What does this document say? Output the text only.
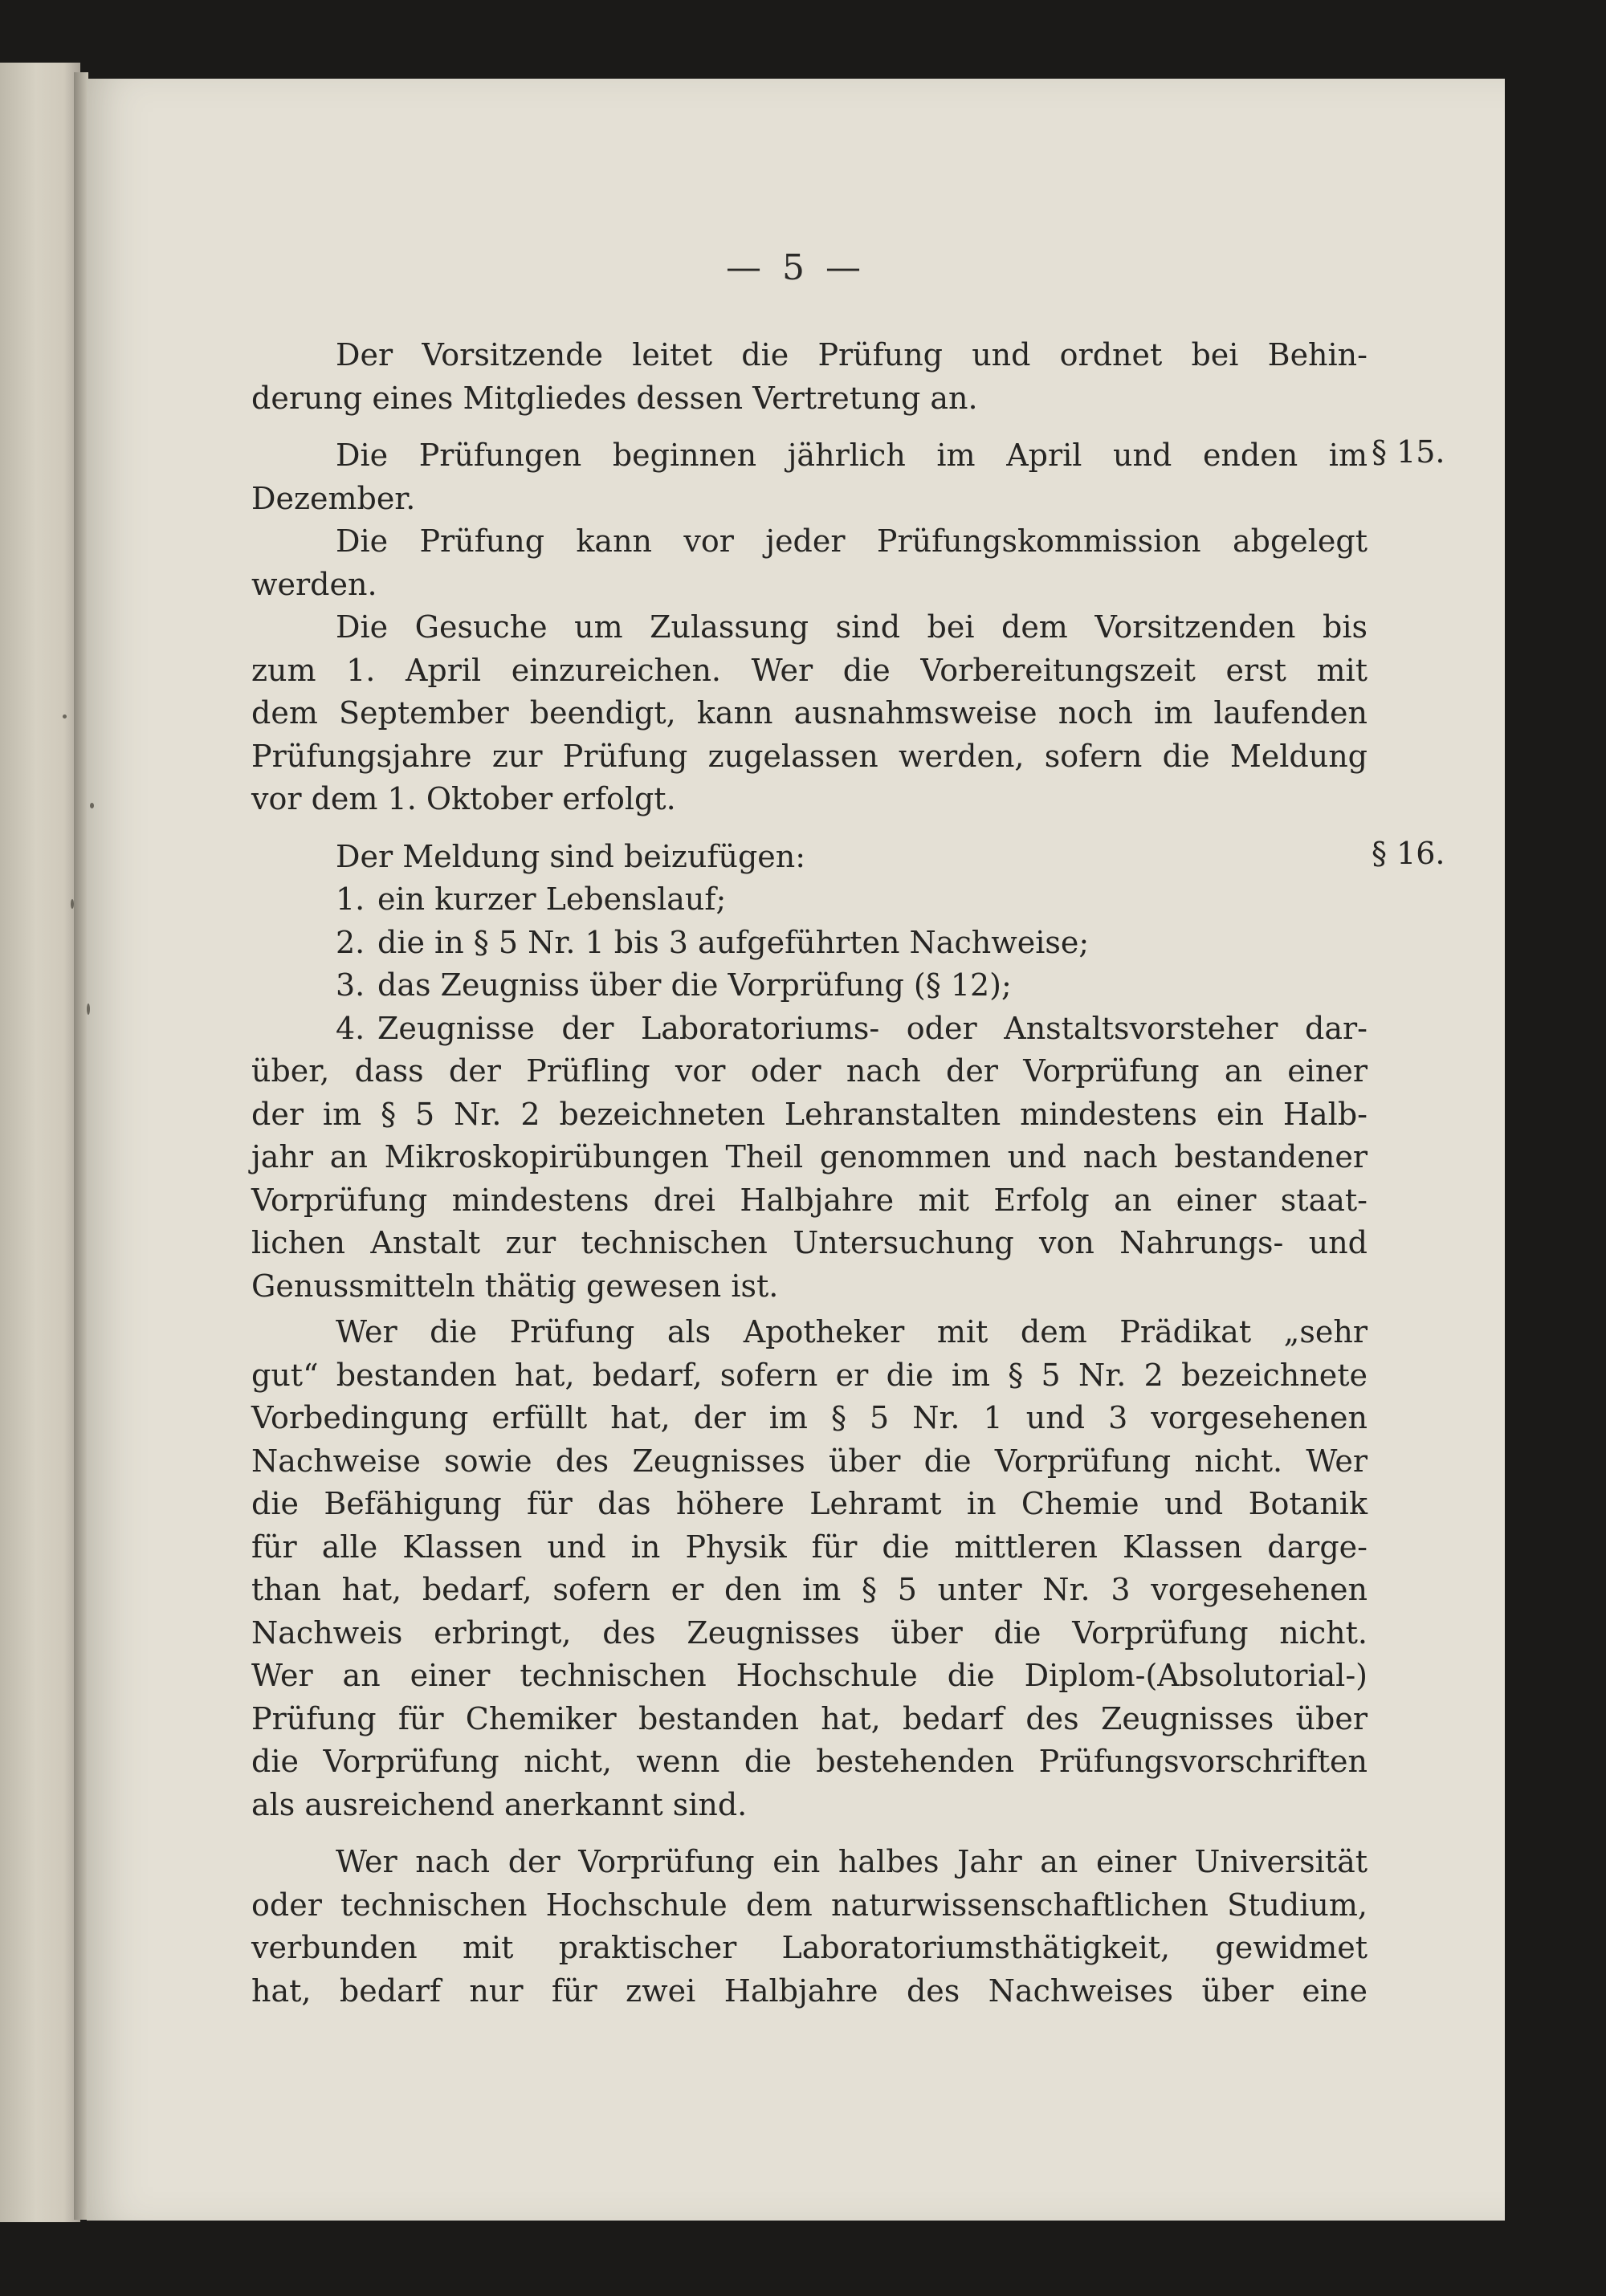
— 5 —
Der Vorsitzende leitet die Prüfung und ordnet bei Behin-
derung eines Mitgliedes dessen Vertretung an.
Die Prüfungen beginnen jährlich im April und enden im
Dezember.
Die Prüfung kann vor jeder Prüfungskommission abgelegt
werden.
Die Gesuche um Zulassung sind bei dem Vorsitzenden bis
zum 1. April einzureichen. Wer die Vorbereitungszeit erst mit
dem September beendigt, kann ausnahmsweise noch im laufenden
Prüfungsjahre zur Prüfung zugelassen werden, sofern die Meldung
vor dem 1. Oktober erfolgt.
Der Meldung sind beizufügen:
1.ein kurzer Lebenslauf;
2.die in § 5 Nr. 1 bis 3 aufgeführten Nachweise;
3.das Zeugniss über die Vorprüfung (§ 12);
4.Zeugnisse der Laboratoriums- oder Anstaltsvorsteher dar-
über, dass der Prüfling vor oder nach der Vorprüfung an einer
der im § 5 Nr. 2 bezeichneten Lehranstalten mindestens ein Halb-
jahr an Mikroskopirübungen Theil genommen und nach bestandener
Vorprüfung mindestens drei Halbjahre mit Erfolg an einer staat-
lichen Anstalt zur technischen Untersuchung von Nahrungs- und
Genussmitteln thätig gewesen ist.
Wer die Prüfung als Apotheker mit dem Prädikat „sehr
gut“ bestanden hat, bedarf, sofern er die im § 5 Nr. 2 bezeichnete
Vorbedingung erfüllt hat, der im § 5 Nr. 1 und 3 vorgesehenen
Nachweise sowie des Zeugnisses über die Vorprüfung nicht. Wer
die Befähigung für das höhere Lehramt in Chemie und Botanik
für alle Klassen und in Physik für die mittleren Klassen darge-
than hat, bedarf, sofern er den im § 5 unter Nr. 3 vorgesehenen
Nachweis erbringt, des Zeugnisses über die Vorprüfung nicht.
Wer an einer technischen Hochschule die Diplom-(Absolutorial-)
Prüfung für Chemiker bestanden hat, bedarf des Zeugnisses über
die Vorprüfung nicht, wenn die bestehenden Prüfungsvorschriften
als ausreichend anerkannt sind.
Wer nach der Vorprüfung ein halbes Jahr an einer Universität
oder technischen Hochschule dem naturwissenschaftlichen Studium,
verbunden mit praktischer Laboratoriumsthätigkeit, gewidmet
hat, bedarf nur für zwei Halbjahre des Nachweises über eine
§ 15.
§ 16.
